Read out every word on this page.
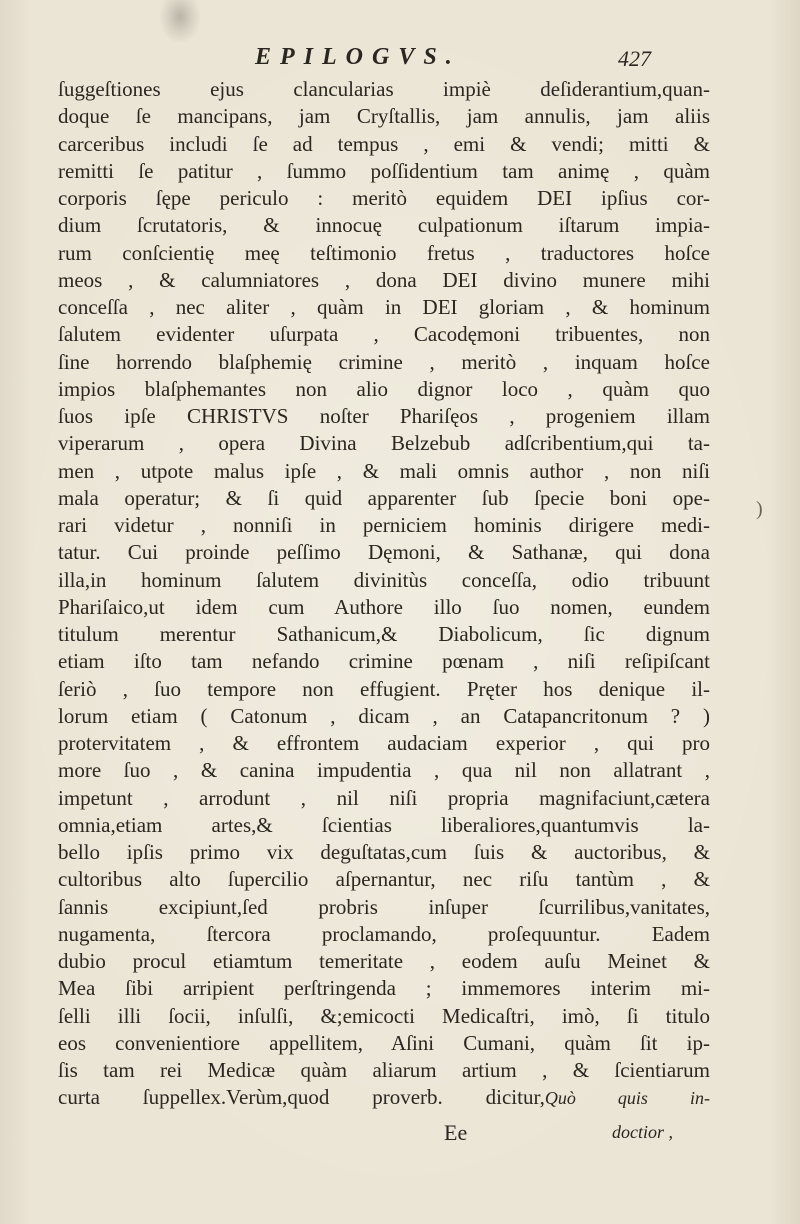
EPILOGVS.	427
ſuggeſtiones ejus clancularias impiè deſiderantium,quan-
doque ſe mancipans, jam Cryſtallis, jam annulis, jam aliis
carceribus includi ſe ad tempus , emi & vendi; mitti &
remitti ſe patitur , ſummo poſſidentium tam animę , quàm
corporis ſępe periculo : meritò equidem DEI ipſius cor-
dium ſcrutatoris, & innocuę culpationum iſtarum impia-
rum conſcientię meę teſtimonio fretus , traductores hoſce
meos , & calumniatores , dona DEI divino munere mihi
conceſſa , nec aliter , quàm in DEI gloriam , & hominum
ſalutem evidenter uſurpata , Cacodęmoni tribuentes, non
ſine horrendo blaſphemię crimine , meritò , inquam hoſce
impios blaſphemantes non alio dignor loco , quàm quo
ſuos ipſe CHRISTVS noſter Phariſęos , progeniem illam
viperarum , opera Divina Belzebub adſcribentium,qui ta-
men , utpote malus ipſe , & mali omnis author , non niſi
mala operatur; & ſi quid apparenter ſub ſpecie boni ope-
rari videtur , nonniſi in perniciem hominis dirigere medi-
tatur. Cui proinde peſſimo Dęmoni, & Sathanæ, qui dona
illa,in hominum ſalutem divinitùs conceſſa, odio tribuunt
Phariſaico,ut idem cum Authore illo ſuo nomen, eundem
titulum merentur Sathanicum,& Diabolicum, ſic dignum
etiam iſto tam nefando crimine pœnam , niſi reſipiſcant
ſeriò , ſuo tempore non effugient. Pręter hos denique il-
lorum etiam ( Catonum , dicam , an Catapancritonum ? )
protervitatem , & effrontem audaciam experior , qui pro
more ſuo , & canina impudentia , qua nil non allatrant ,
impetunt , arrodunt , nil niſi propria magnifaciunt,cætera
omnia,etiam artes,& ſcientias liberaliores,quantumvis la-
bello ipſis primo vix deguſtatas,cum ſuis & auctoribus, &
cultoribus alto ſupercilio aſpernantur, nec riſu tantùm , &
ſannis excipiunt,ſed probris inſuper ſcurrilibus,vanitates,
nugamenta, ſtercora proclamando, proſequuntur. Eadem
dubio procul etiamtum temeritate , eodem auſu Meinet &
Mea ſibi arripient perſtringenda ; immemores interim mi-
ſelli illi ſocii, inſulſi, &;emicocti Medicaſtri, imò, ſi titulo
eos convenientiore appellitem, Aſini Cumani, quàm ſit ip-
ſis tam rei Medicæ quàm aliarum artium , & ſcientiarum
curta ſuppellex.Verùm,quod proverb. dicitur,Quò quis in-
Ee	doctior ,
)
